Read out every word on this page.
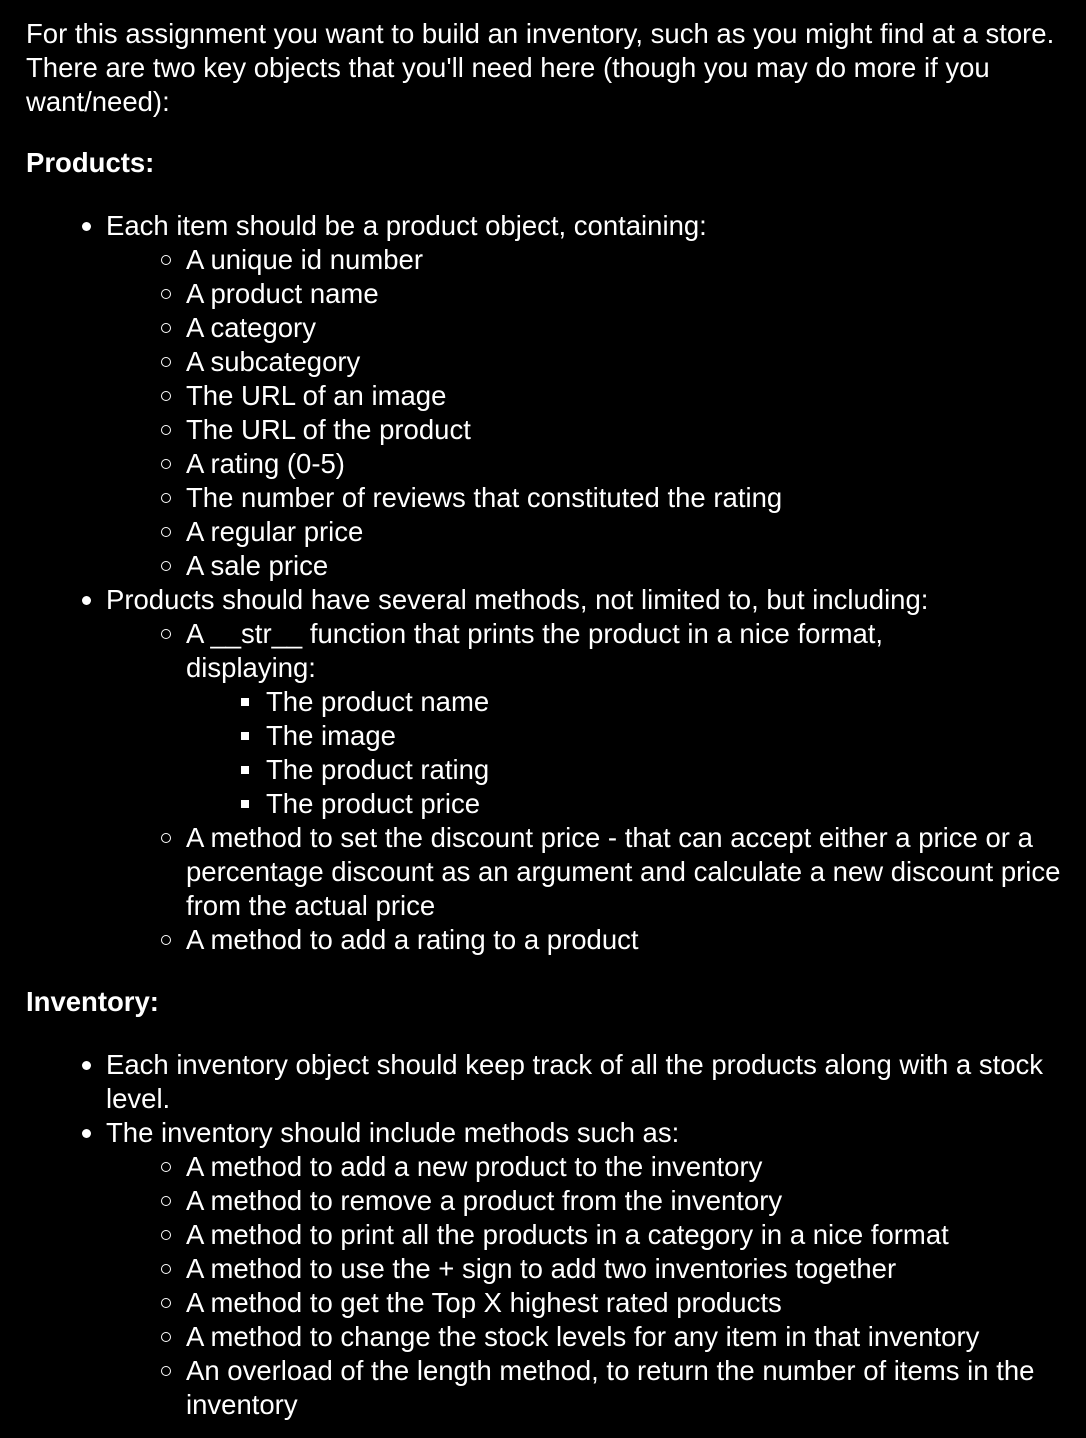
For this assignment you want to build an inventory, such as you might find at a store. There are two key objects that you'll need here (though you may do more if you want/need):

Products:
Each item should be a product object, containing:
A unique id number
A product name
A category
A subcategory
The URL of an image
The URL of the product
A rating (0-5)
The number of reviews that constituted the rating
A regular price
A sale price
Products should have several methods, not limited to, but including:
A __str__ function that prints the product in a nice format, displaying:
The product name
The image
The product rating
The product price
A method to set the discount price - that can accept either a price or a percentage discount as an argument and calculate a new discount price from the actual price
A method to add a rating to a product
Inventory:
Each inventory object should keep track of all the products along with a stock level.
The inventory should include methods such as:
A method to add a new product to the inventory
A method to remove a product from the inventory
A method to print all the products in a category in a nice format
A method to use the + sign to add two inventories together
A method to get the Top X highest rated products
A method to change the stock levels for any item in that inventory
An overload of the length method, to return the number of items in the inventory
